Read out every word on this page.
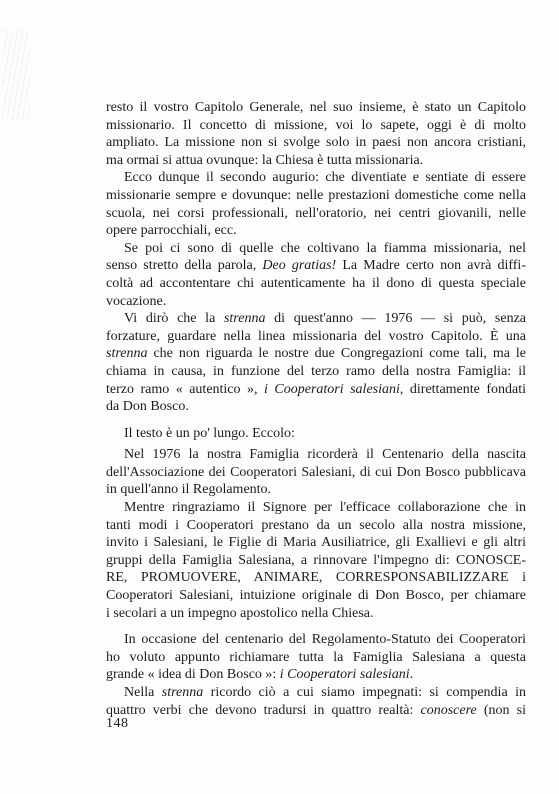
resto il vostro Capitolo Generale, nel suo insieme, è stato un Capitolo
missionario. Il concetto di missione, voi lo sapete, oggi è di molto
ampliato. La missione non si svolge solo in paesi non ancora cristiani,
ma ormai si attua ovunque: la Chiesa è tutta missionaria.

Ecco dunque il secondo augurio: che diventiate e sentiate di essere
missionarie sempre e dovunque: nelle prestazioni domestiche come nella
scuola, nei corsi professionali, nell'oratorio, nei centri giovanili, nelle
opere parrocchiali, ecc.

Se poi ci sono di quelle che coltivano la fiamma missionaria, nel
senso stretto della parola, Deo gratias! La Madre certo non avrà diffi-
coltà ad accontentare chi autenticamente ha il dono di questa speciale
vocazione.

Vi dirò che la strenna di quest'anno — 1976 — si può, senza
forzature, guardare nella linea missionaria del vostro Capitolo. È una
strenna che non riguarda le nostre due Congregazioni come tali, ma le
chiama in causa, in funzione del terzo ramo della nostra Famiglia: il
terzo ramo « autentico », i Cooperatori salesiani, direttamente fondati
da Don Bosco.

Il testo è un po' lungo. Eccolo:

Nel 1976 la nostra Famiglia ricorderà il Centenario della nascita
dell'Associazione dei Cooperatori Salesiani, di cui Don Bosco pubblicava
in quell'anno il Regolamento.

Mentre ringraziamo il Signore per l'efficace collaborazione che in
tanti modi i Cooperatori prestano da un secolo alla nostra missione,
invito i Salesiani, le Figlie di Maria Ausiliatrice, gli Exallievi e gli altri
gruppi della Famiglia Salesiana, a rinnovare l'impegno di: CONOSCE-
RE, PROMUOVERE, ANIMARE, CORRESPONSABILIZZARE i
Cooperatori Salesiani, intuizione originale di Don Bosco, per chiamare
i secolari a un impegno apostolico nella Chiesa.

In occasione del centenario del Regolamento-Statuto dei Cooperatori
ho voluto appunto richiamare tutta la Famiglia Salesiana a questa
grande « idea di Don Bosco »: i Cooperatori salesiani.

Nella strenna ricordo ciò a cui siamo impegnati: si compendia in
quattro verbi che devono tradursi in quattro realtà: conoscere (non si

148
